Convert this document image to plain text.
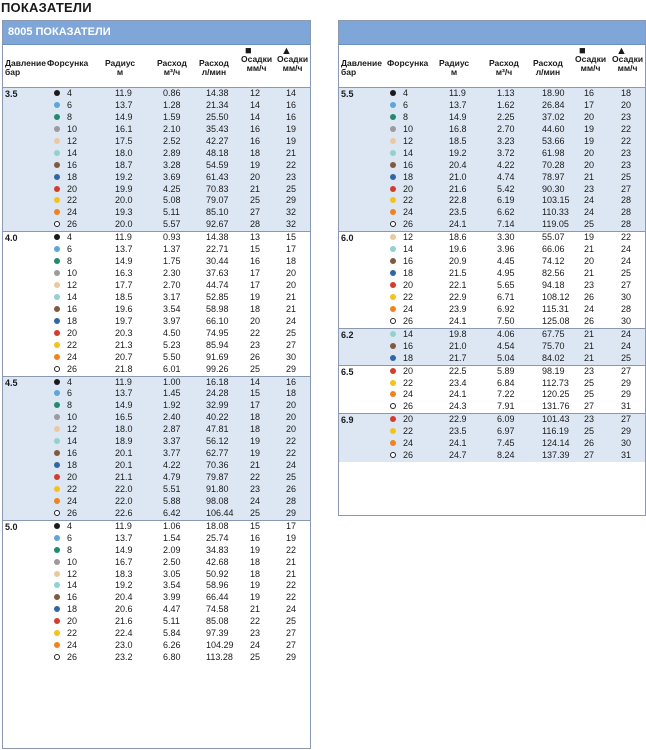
ПОКАЗАТЕЛИ
8005 ПОКАЗАТЕЛИ
Давление
бар
Форсунка Радиус
м
Расход
м³/ч
Расход
л/мин
■
Осадки
мм/ч
▲
Осадки
мм/ч
3.5	4	11.9	0.86	14.38 12	14
6	13.7	1.28	21.34 14	16
8	14.9	1.59	25.50 14	16
10	16.1	2.10	35.43 16	19
12	17.5	2.52	42.27 16	19
14	18.0	2.89	48.18 18	21
16	18.7	3.28	54.59 19	22
18	19.2	3.69	61.43 20	23
20	19.9	4.25	70.83 21	25
22	20.0	5.08	79.07 25	29
24	19.3	5.11	85.10 27	32
26	20.0	5.57	92.67 28	32
4.0	4	11.9	0.93	14.38 13	15
6	13.7	1.37	22.71 15	17
8	14.9	1.75	30.44 16	18
10	16.3	2.30	37.63 17	20
12	17.7	2.70	44.74 17	20
14	18.5	3.17	52.85 19	21
16	19.6	3.54	58.98 18	21
18	19.7	3.97	66.10 20	24
20	20.3	4.50	74.95 22	25
22	21.3	5.23	85.94 23	27
24	20.7	5.50	91.69 26	30
26	21.8	6.01	99.26 25	29
4.5	4	11.9	1.00	16.18 14	16
6	13.7	1.45	24.28 15	18
8	14.9	1.92	32.99 17	20
10	16.5	2.40	40.22 18	20
12	18.0	2.87	47.81 18	20
14	18.9	3.37	56.12 19	22
16	20.1	3.77	62.77 19	22
18	20.1	4.22	70.36 21	24
20	21.1	4.79	79.87 22	25
22	22.0	5.51	91.80 23	26
24	22.0	5.88	98.08 24	28
26	22.6	6.42	106.44 25	29
5.0	4	11.9	1.06	18.08 15	17
6	13.7	1.54	25.74 16	19
8	14.9	2.09	34.83 19	22
10	16.7	2.50	42.68 18	21
12	18.3	3.05	50.92 18	21
14	19.2	3.54	58.96 19	22
16	20.4	3.99	66.44 19	22
18	20.6	4.47	74.58 21	24
20	21.6	5.11	85.08 22	25
22	22.4	5.84	97.39 23	27
24	23.0	6.26	104.29 24	27
26	23.2	6.80	113.28 25	29
Давление
бар
Форсунка Радиус
м
Расход
м³/ч
Расход
л/мин
■
Осадки
мм/ч
▲
Осадки
мм/ч
5.5	4	11.9	1.13	18.90 16	18
6	13.7	1.62	26.84 17	20
8	14.9	2.25	37.02 20	23
10	16.8	2.70	44.60 19	22
12	18.5	3.23	53.66 19	22
14	19.2	3.72	61.98 20	23
16	20.4	4.22	70.28 20	23
18	21.0	4.74	78.97 21	25
20	21.6	5.42	90.30 23	27
22	22.8	6.19	103.15 24	28
24	23.5	6.62	110.33 24	28
26	24.1	7.14	119.05 25	28
6.0	12	18.6	3.30	55.07 19	22
14	19.6	3.96	66.06 21	24
16	20.9	4.45	74.12 20	24
18	21.5	4.95	82.56 21	25
20	22.1	5.65	94.18 23	27
22	22.9	6.71	108.12 26	30
24	23.9	6.92	115.31 24	28
26	24.1	7.50	125.08 26	30
6.2	14	19.8	4.06	67.75 21	24
16	21.0	4.54	75.70 21	24
18	21.7	5.04	84.02 21	25
6.5	20	22.5	5.89	98.19 23	27
22	23.4	6.84	112.73 25	29
24	24.1	7.22	120.25 25	29
26	24.3	7.91	131.76 27	31
6.9	20	22.9	6.09	101.43 23	27
22	23.5	6.97	116.19 25	29
24	24.1	7.45	124.14 26	30
26	24.7	8.24	137.39 27	31
